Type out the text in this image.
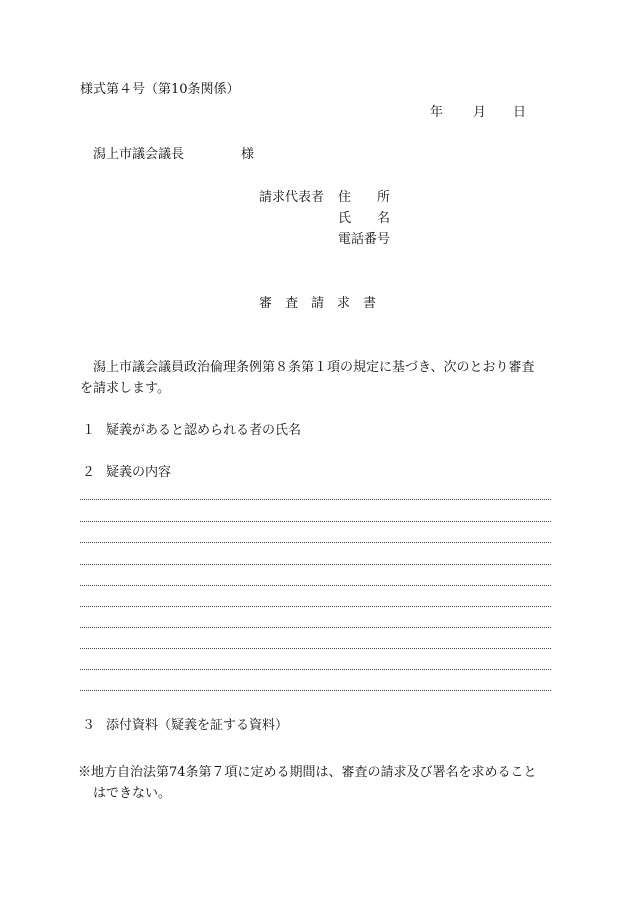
様式第４号（第10条関係）
年 月 日
潟上市議会議長	様
請求代表者 住 所
氏 名
電話番号
審 査 請 求 書
潟上市議会議員政治倫理条例第８条第１項の規定に基づき、次のとおり審査
を請求します。
１ 疑義があると認められる者の氏名
２ 疑義の内容
３ 添付資料（疑義を証する資料）
※地方自治法第74条第７項に定める期間は、審査の請求及び署名を求めること
はできない。
